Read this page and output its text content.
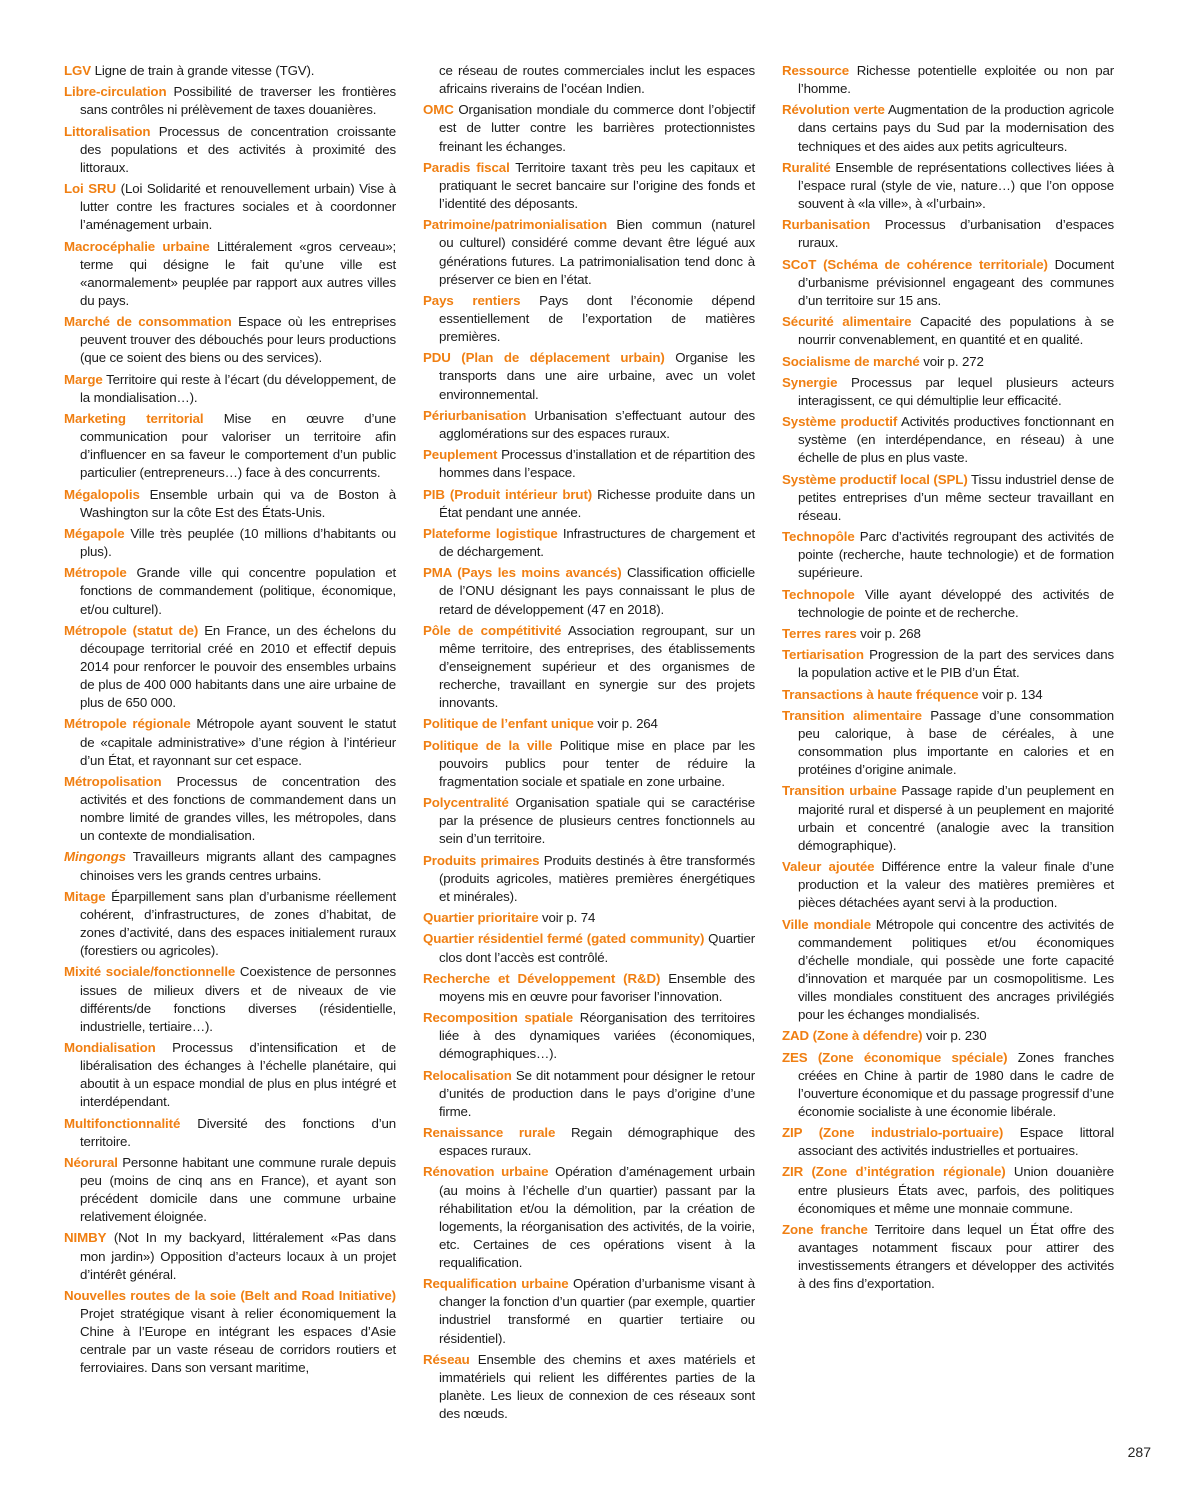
LGV Ligne de train à grande vitesse (TGV).

Libre-circulation Possibilité de traverser les frontières sans contrôles ni prélèvement de taxes douanières.

Littoralisation Processus de concentration croissante des populations et des activités à proximité des littoraux.

Loi SRU (Loi Solidarité et renouvellement urbain) Vise à lutter contre les fractures sociales et à coordonner l’aménagement urbain.

Macrocéphalie urbaine Littéralement «gros cerveau»; terme qui désigne le fait qu’une ville est «anormalement» peuplée par rapport aux autres villes du pays.

Marché de consommation Espace où les entreprises peuvent trouver des débouchés pour leurs productions (que ce soient des biens ou des services).

Marge Territoire qui reste à l’écart (du développement, de la mondialisation…).

Marketing territorial Mise en œuvre d’une communication pour valoriser un territoire afin d’influencer en sa faveur le comportement d’un public particulier (entrepreneurs…) face à des concurrents.

Mégalopolis Ensemble urbain qui va de Boston à Washington sur la côte Est des États-Unis.

Mégapole Ville très peuplée (10 millions d’habitants ou plus).

Métropole Grande ville qui concentre population et fonctions de commandement (politique, économique, et/ou culturel).

Métropole (statut de) En France, un des échelons du découpage territorial créé en 2010 et effectif depuis 2014 pour renforcer le pouvoir des ensembles urbains de plus de 400 000 habitants dans une aire urbaine de plus de 650 000.

Métropole régionale Métropole ayant souvent le statut de «capitale administrative» d’une région à l’intérieur d’un État, et rayonnant sur cet espace.

Métropolisation Processus de concentration des activités et des fonctions de commandement dans un nombre limité de grandes villes, les métropoles, dans un contexte de mondialisation.

Mingongs Travailleurs migrants allant des campagnes chinoises vers les grands centres urbains.

Mitage Éparpillement sans plan d’urbanisme réellement cohérent, d’infrastructures, de zones d’habitat, de zones d’activité, dans des espaces initialement ruraux (forestiers ou agricoles).

Mixité sociale/fonctionnelle Coexistence de personnes issues de milieux divers et de niveaux de vie différents/de fonctions diverses (résidentielle, industrielle, tertiaire…).

Mondialisation Processus d’intensification et de libéralisation des échanges à l’échelle planétaire, qui aboutit à un espace mondial de plus en plus intégré et interdépendant.

Multifonctionnalité Diversité des fonctions d’un territoire.

Néorural Personne habitant une commune rurale depuis peu (moins de cinq ans en France), et ayant son précédent domicile dans une commune urbaine relativement éloignée.

NIMBY (Not In my backyard, littéralement «Pas dans mon jardin») Opposition d’acteurs locaux à un projet d’intérêt général.

Nouvelles routes de la soie (Belt and Road Initiative) Projet stratégique visant à relier économiquement la Chine à l’Europe en intégrant les espaces d’Asie centrale par un vaste réseau de corridors routiers et ferroviaires. Dans son versant maritime,

ce réseau de routes commerciales inclut les espaces africains riverains de l’océan Indien.

OMC Organisation mondiale du commerce dont l’objectif est de lutter contre les barrières protectionnistes freinant les échanges.

Paradis fiscal Territoire taxant très peu les capitaux et pratiquant le secret bancaire sur l’origine des fonds et l’identité des déposants.

Patrimoine/patrimonialisation Bien commun (naturel ou culturel) considéré comme devant être légué aux générations futures. La patrimonialisation tend donc à préserver ce bien en l’état.

Pays rentiers Pays dont l’économie dépend essentiellement de l’exportation de matières premières.

PDU (Plan de déplacement urbain) Organise les transports dans une aire urbaine, avec un volet environnemental.

Périurbanisation Urbanisation s’effectuant autour des agglomérations sur des espaces ruraux.

Peuplement Processus d’installation et de répartition des hommes dans l’espace.

PIB (Produit intérieur brut) Richesse produite dans un État pendant une année.

Plateforme logistique Infrastructures de chargement et de déchargement.

PMA (Pays les moins avancés) Classification officielle de l’ONU désignant les pays connaissant le plus de retard de développement (47 en 2018).

Pôle de compétitivité Association regroupant, sur un même territoire, des entreprises, des établissements d’enseignement supérieur et des organismes de recherche, travaillant en synergie sur des projets innovants.

Politique de l’enfant unique voir p. 264

Politique de la ville Politique mise en place par les pouvoirs publics pour tenter de réduire la fragmentation sociale et spatiale en zone urbaine.

Polycentralité Organisation spatiale qui se caractérise par la présence de plusieurs centres fonctionnels au sein d’un territoire.

Produits primaires Produits destinés à être transformés (produits agricoles, matières premières énergétiques et minérales).

Quartier prioritaire voir p. 74

Quartier résidentiel fermé (gated community) Quartier clos dont l’accès est contrôlé.

Recherche et Développement (R&D) Ensemble des moyens mis en œuvre pour favoriser l’innovation.

Recomposition spatiale Réorganisation des territoires liée à des dynamiques variées (économiques, démographiques…).

Relocalisation Se dit notamment pour désigner le retour d’unités de production dans le pays d’origine d’une firme.

Renaissance rurale Regain démographique des espaces ruraux.

Rénovation urbaine Opération d’aménagement urbain (au moins à l’échelle d’un quartier) passant par la réhabilitation et/ou la démolition, par la création de logements, la réorganisation des activités, de la voirie, etc. Certaines de ces opérations visent à la requalification.

Requalification urbaine Opération d’urbanisme visant à changer la fonction d’un quartier (par exemple, quartier industriel transformé en quartier tertiaire ou résidentiel).

Réseau Ensemble des chemins et axes matériels et immatériels qui relient les différentes parties de la planète. Les lieux de connexion de ces réseaux sont des nœuds.

Ressource Richesse potentielle exploitée ou non par l’homme.

Révolution verte Augmentation de la production agricole dans certains pays du Sud par la modernisation des techniques et des aides aux petits agriculteurs.

Ruralité Ensemble de représentations collectives liées à l’espace rural (style de vie, nature…) que l’on oppose souvent à «la ville», à «l’urbain».

Rurbanisation Processus d’urbanisation d’espaces ruraux.

SCoT (Schéma de cohérence territoriale) Document d’urbanisme prévisionnel engageant des communes d’un territoire sur 15 ans.

Sécurité alimentaire Capacité des populations à se nourrir convenablement, en quantité et en qualité.

Socialisme de marché voir p. 272

Synergie Processus par lequel plusieurs acteurs interagissent, ce qui démultiplie leur efficacité.

Système productif Activités productives fonctionnant en système (en interdépendance, en réseau) à une échelle de plus en plus vaste.

Système productif local (SPL) Tissu industriel dense de petites entreprises d’un même secteur travaillant en réseau.

Technopôle Parc d’activités regroupant des activités de pointe (recherche, haute technologie) et de formation supérieure.

Technopole Ville ayant développé des activités de technologie de pointe et de recherche.

Terres rares voir p. 268

Tertiarisation Progression de la part des services dans la population active et le PIB d’un État.

Transactions à haute fréquence voir p. 134

Transition alimentaire Passage d’une consommation peu calorique, à base de céréales, à une consommation plus importante en calories et en protéines d’origine animale.

Transition urbaine Passage rapide d’un peuplement en majorité rural et dispersé à un peuplement en majorité urbain et concentré (analogie avec la transition démographique).

Valeur ajoutée Différence entre la valeur finale d’une production et la valeur des matières premières et pièces détachées ayant servi à la production.

Ville mondiale Métropole qui concentre des activités de commandement politiques et/ou économiques d’échelle mondiale, qui possède une forte capacité d’innovation et marquée par un cosmopolitisme. Les villes mondiales constituent des ancrages privilégiés pour les échanges mondialisés.

ZAD (Zone à défendre) voir p. 230

ZES (Zone économique spéciale) Zones franches créées en Chine à partir de 1980 dans le cadre de l’ouverture économique et du passage progressif d’une économie socialiste à une économie libérale.

ZIP (Zone industrialo-portuaire) Espace littoral associant des activités industrielles et portuaires.

ZIR (Zone d’intégration régionale) Union douanière entre plusieurs États avec, parfois, des politiques économiques et même une monnaie commune.

Zone franche Territoire dans lequel un État offre des avantages notamment fiscaux pour attirer des investissements étrangers et développer des activités à des fins d’exportation.

287
